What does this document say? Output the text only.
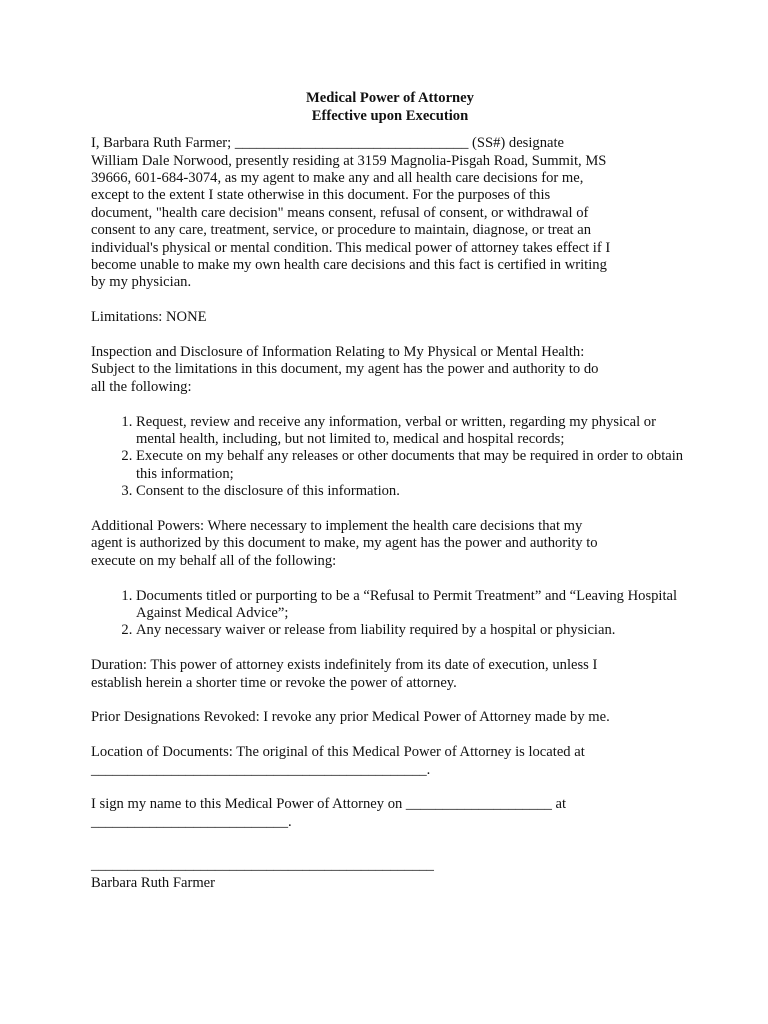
Medical Power of Attorney
Effective upon Execution
I, Barbara Ruth Farmer; ________________________________ (SS#) designate
William Dale Norwood, presently residing at 3159 Magnolia-Pisgah Road, Summit, MS
39666, 601-684-3074, as my agent to make any and all health care decisions for me,
except to the extent I state otherwise in this document. For the purposes of this
document, "health care decision" means consent, refusal of consent, or withdrawal of
consent to any care, treatment, service, or procedure to maintain, diagnose, or treat an
individual's physical or mental condition. This medical power of attorney takes effect if I
become unable to make my own health care decisions and this fact is certified in writing
by my physician.

Limitations: NONE

Inspection and Disclosure of Information Relating to My Physical or Mental Health:
Subject to the limitations in this document, my agent has the power and authority to do
all the following:
1. Request, review and receive any information, verbal or written, regarding my physical or mental health, including, but not limited to, medical and hospital records;
2. Execute on my behalf any releases or other documents that may be required in order to obtain this information;
3. Consent to the disclosure of this information.
Additional Powers: Where necessary to implement the health care decisions that my
agent is authorized by this document to make, my agent has the power and authority to
execute on my behalf all of the following:
1. Documents titled or purporting to be a “Refusal to Permit Treatment” and “Leaving Hospital Against Medical Advice”;
2. Any necessary waiver or release from liability required by a hospital or physician.
Duration: This power of attorney exists indefinitely from its date of execution, unless I
establish herein a shorter time or revoke the power of attorney.

Prior Designations Revoked: I revoke any prior Medical Power of Attorney made by me.

Location of Documents: The original of this Medical Power of Attorney is located at
______________________________________________.
I sign my name to this Medical Power of Attorney on ____________________ at
___________________________.
_______________________________________________
Barbara Ruth Farmer
